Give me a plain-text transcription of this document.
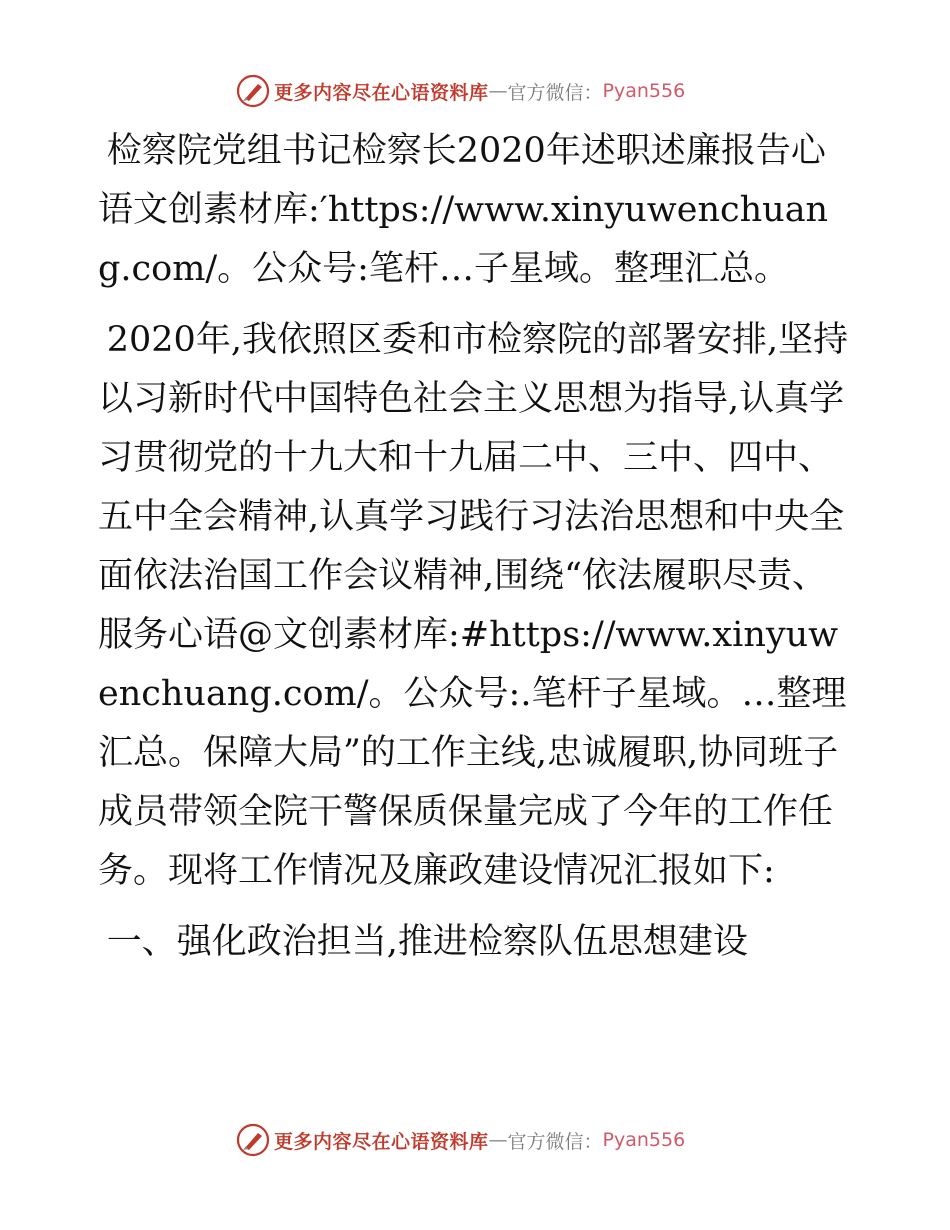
更多内容尽在心语资料库 — 官方微信： Pyan556

检察院党组书记检察长2020年述职述廉报告心语文创素材库:′https://www.xinyuwenchuang.com/。公众号:笔杆…子星域。整理汇总。

2020年,我依照区委和市检察院的部署安排,坚持以习新时代中国特色社会主义思想为指导,认真学习贯彻党的十九大和十九届二中、三中、四中、五中全会精神,认真学习践行习法治思想和中央全面依法治国工作会议精神,围绕“依法履职尽责、服务心语@文创素材库:#https://www.xinyuwenchuang.com/。公众号:.笔杆子星域。…整理汇总。保障大局”的工作主线,忠诚履职,协同班子成员带领全院干警保质保量完成了今年的工作任务。现将工作情况及廉政建设情况汇报如下:

一、强化政治担当,推进检察队伍思想建设

更多内容尽在心语资料库 — 官方微信： Pyan556
